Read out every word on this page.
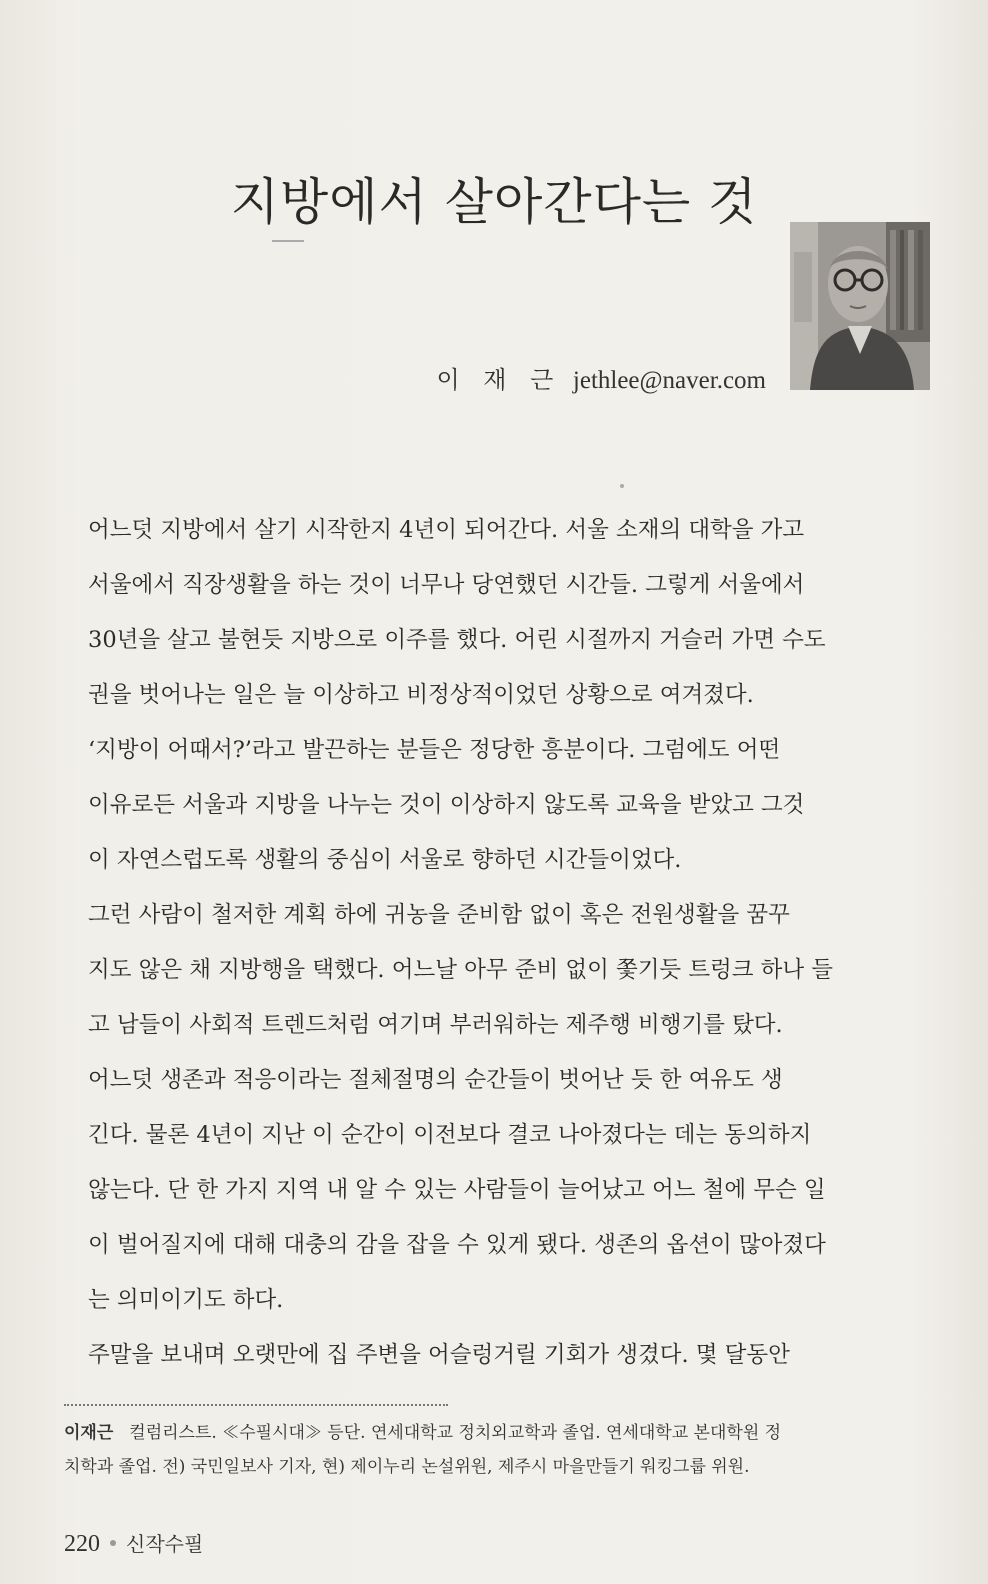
지방에서 살아간다는 것
이 재 근 jethlee@naver.com

어느덧 지방에서 살기 시작한지 4년이 되어간다. 서울 소재의 대학을 가고
서울에서 직장생활을 하는 것이 너무나 당연했던 시간들. 그렇게 서울에서
30년을 살고 불현듯 지방으로 이주를 했다. 어린 시절까지 거슬러 가면 수도
권을 벗어나는 일은 늘 이상하고 비정상적이었던 상황으로 여겨졌다.

‘지방이 어때서?’라고 발끈하는 분들은 정당한 흥분이다. 그럼에도 어떤
이유로든 서울과 지방을 나누는 것이 이상하지 않도록 교육을 받았고 그것
이 자연스럽도록 생활의 중심이 서울로 향하던 시간들이었다.

그런 사람이 철저한 계획 하에 귀농을 준비함 없이 혹은 전원생활을 꿈꾸
지도 않은 채 지방행을 택했다. 어느날 아무 준비 없이 쫓기듯 트렁크 하나 들
고 남들이 사회적 트렌드처럼 여기며 부러워하는 제주행 비행기를 탔다.

어느덧 생존과 적응이라는 절체절명의 순간들이 벗어난 듯 한 여유도 생
긴다. 물론 4년이 지난 이 순간이 이전보다 결코 나아졌다는 데는 동의하지
않는다. 단 한 가지 지역 내 알 수 있는 사람들이 늘어났고 어느 철에 무슨 일
이 벌어질지에 대해 대충의 감을 잡을 수 있게 됐다. 생존의 옵션이 많아졌다
는 의미이기도 하다.

주말을 보내며 오랫만에 집 주변을 어슬렁거릴 기회가 생겼다. 몇 달동안

이재근 컬럼리스트. ≪수필시대≫ 등단. 연세대학교 정치외교학과 졸업. 연세대학교 본대학원 정
치학과 졸업. 전) 국민일보사 기자, 현) 제이누리 논설위원, 제주시 마을만들기 워킹그룹 위원.
220 신작수필
